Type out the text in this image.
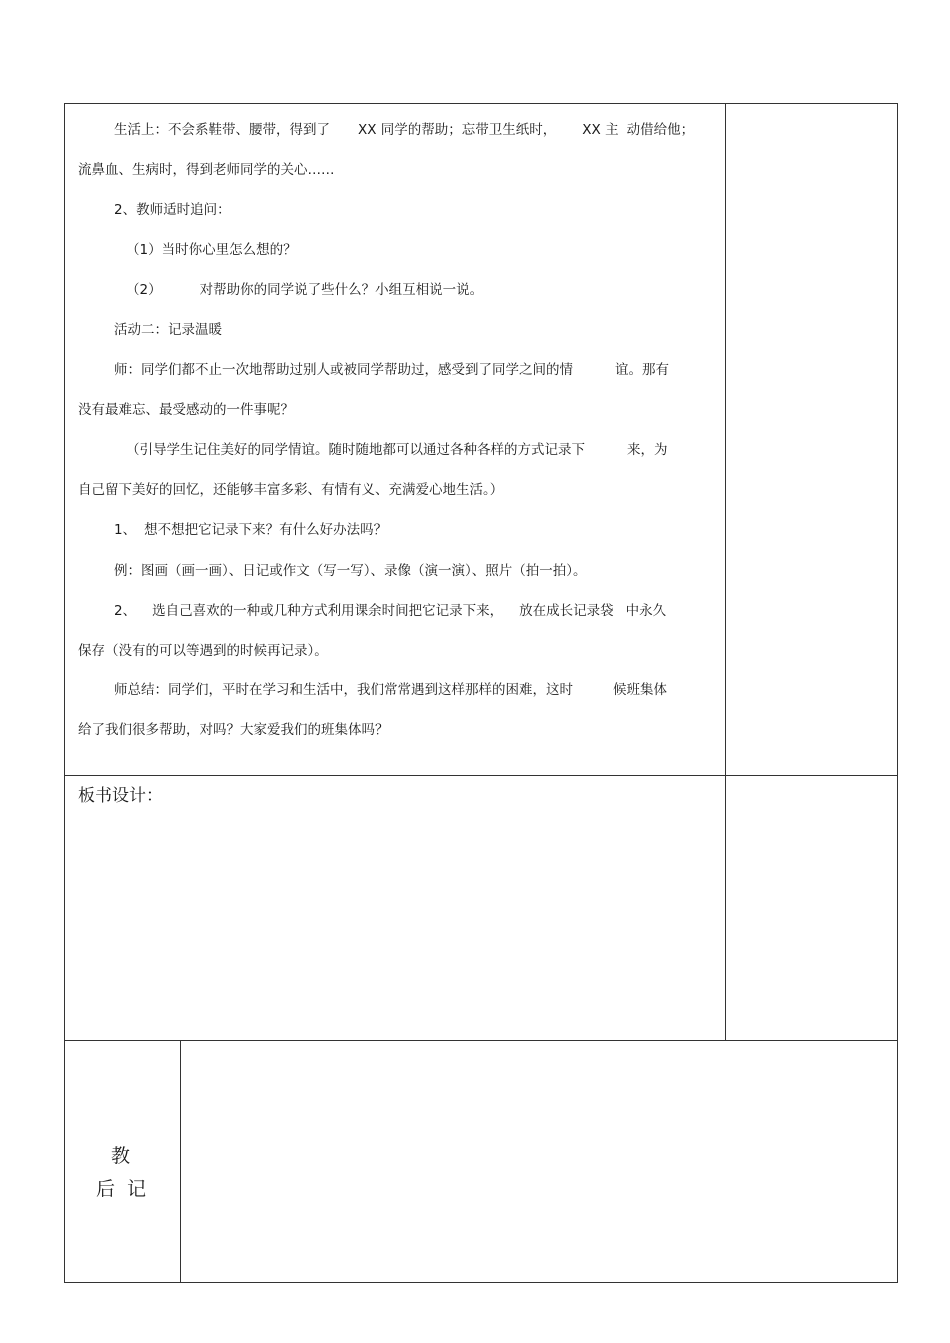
生活上：不会系鞋带、腰带，得到了 XX 同学的帮助；忘带卫生纸时， XX 主 动借给他；
流鼻血、生病时，得到老师同学的关心……
2、教师适时追问：
（1）当时你心里怎么想的？
（2）	对帮助你的同学说了些什么？小组互相说一说。
活动二：记录温暖
师：同学们都不止一次地帮助过别人或被同学帮助过，感受到了同学之间的情	谊。那有
没有最难忘、最受感动的一件事呢？
（引导学生记住美好的同学情谊。随时随地都可以通过各种各样的方式记录下	来，为
自己留下美好的回忆，还能够丰富多彩、有情有义、充满爱心地生活。）
1、 想不想把它记录下来？有什么好办法吗？
例：图画（画一画）、日记或作文（写一写）、录像（演一演）、照片（拍一拍）。
2、 选自己喜欢的一种或几种方式利用课余时间把它记录下来， 放在成长记录袋 中永久
保存（没有的可以等遇到的时候再记录）。
师总结：同学们，平时在学习和生活中，我们常常遇到这样那样的困难，这时	候班集体
给了我们很多帮助，对吗？大家爱我们的班集体吗？
板书设计：
教
后 记
